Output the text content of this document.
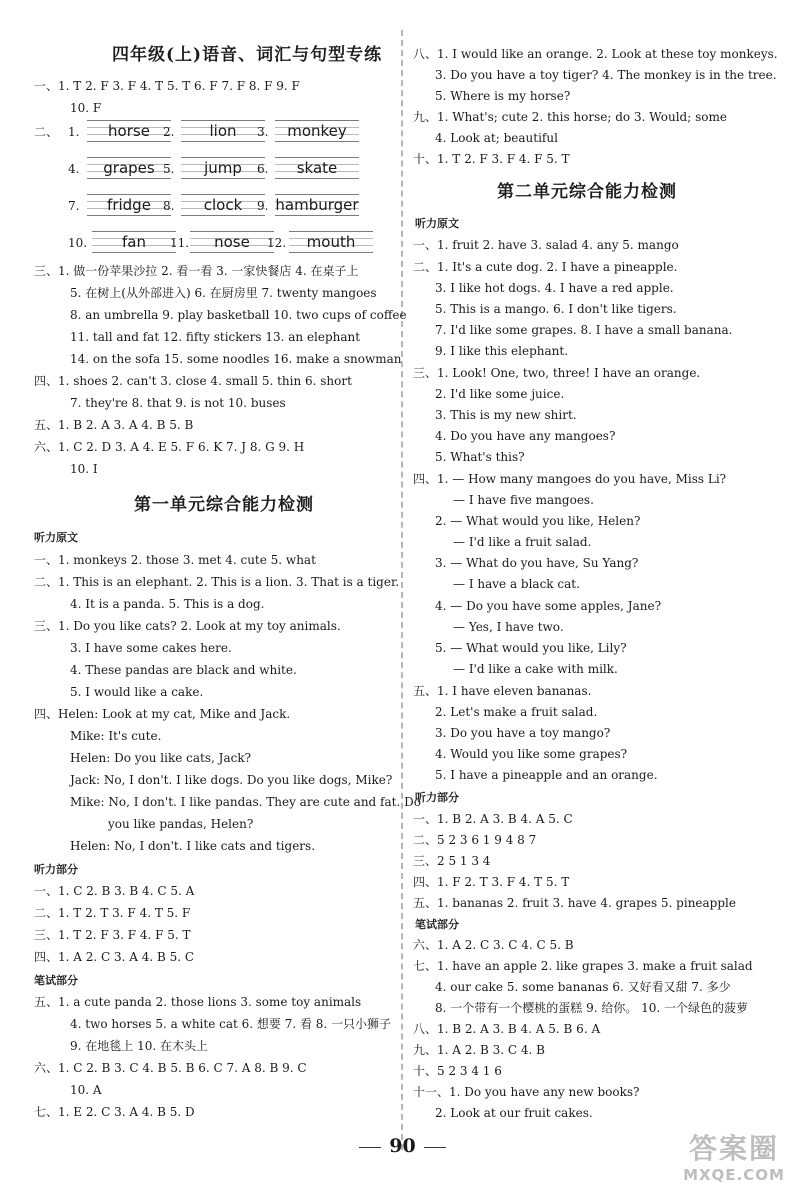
四年级(上)语音、词汇与句型专练
一、1. T 2. F 3. F 4. T 5. T 6. F 7. F 8. F 9. F
10. F
二、 1.	horse	2.	lion	3.	monkey
4.	grapes 5.	jump	6.	skate
7.	fridge	8.	clock	9. hamburger
10.	fan	11.	nose	12.	mouth
三、1. 做一份苹果沙拉 2. 看一看 3. 一家快餐店 4. 在桌子上
5. 在树上(从外部进入) 6. 在厨房里 7. twenty mangoes
8. an umbrella 9. play basketball 10. two cups of coffee
11. tall and fat 12. fifty stickers 13. an elephant
14. on the sofa 15. some noodles 16. make a snowman
四、1. shoes 2. can't 3. close 4. small 5. thin 6. short
7. they're 8. that 9. is not 10. buses
五、1. B 2. A 3. A 4. B 5. B
六、1. C 2. D 3. A 4. E 5. F 6. K 7. J 8. G 9. H
10. I
第一单元综合能力检测
听力原文
一、1. monkeys 2. those 3. met 4. cute 5. what
二、1. This is an elephant. 2. This is a lion. 3. That is a tiger.
4. It is a panda. 5. This is a dog.
三、1. Do you like cats? 2. Look at my toy animals.
3. I have some cakes here.
4. These pandas are black and white.
5. I would like a cake.
四、Helen: Look at my cat, Mike and Jack.
Mike: It's cute.
Helen: Do you like cats, Jack?
Jack: No, I don't. I like dogs. Do you like dogs, Mike?
Mike: No, I don't. I like pandas. They are cute and fat. Do
you like pandas, Helen?
Helen: No, I don't. I like cats and tigers.
听力部分
一、1. C 2. B 3. B 4. C 5. A
二、1. T 2. T 3. F 4. T 5. F
三、1. T 2. F 3. F 4. F 5. T
四、1. A 2. C 3. A 4. B 5. C
笔试部分
五、1. a cute panda 2. those lions 3. some toy animals
4. two horses 5. a white cat 6. 想要 7. 看 8. 一只小狮子
9. 在地毯上 10. 在木头上
六、1. C 2. B 3. C 4. B 5. B 6. C 7. A 8. B 9. C
10. A
七、1. E 2. C 3. A 4. B 5. D
八、1. I would like an orange. 2. Look at these toy monkeys.
3. Do you have a toy tiger? 4. The monkey is in the tree.
5. Where is my horse?
九、1. What's; cute 2. this horse; do 3. Would; some
4. Look at; beautiful
十、1. T 2. F 3. F 4. F 5. T
第二单元综合能力检测
听力原文
一、1. fruit 2. have 3. salad 4. any 5. mango
二、1. It's a cute dog. 2. I have a pineapple.
3. I like hot dogs. 4. I have a red apple.
5. This is a mango. 6. I don't like tigers.
7. I'd like some grapes. 8. I have a small banana.
9. I like this elephant.
三、1. Look! One, two, three! I have an orange.
2. I'd like some juice.
3. This is my new shirt.
4. Do you have any mangoes?
5. What's this?
四、1. — How many mangoes do you have, Miss Li?
— I have five mangoes.
2. — What would you like, Helen?
— I'd like a fruit salad.
3. — What do you have, Su Yang?
— I have a black cat.
4. — Do you have some apples, Jane?
— Yes, I have two.
5. — What would you like, Lily?
— I'd like a cake with milk.
五、1. I have eleven bananas.
2. Let's make a fruit salad.
3. Do you have a toy mango?
4. Would you like some grapes?
5. I have a pineapple and an orange.
听力部分
一、1. B 2. A 3. B 4. A 5. C
二、5 2 3 6 1 9 4 8 7
三、2 5 1 3 4
四、1. F 2. T 3. F 4. T 5. T
五、1. bananas 2. fruit 3. have 4. grapes 5. pineapple
笔试部分
六、1. A 2. C 3. C 4. C 5. B
七、1. have an apple 2. like grapes 3. make a fruit salad
4. our cake 5. some bananas 6. 又好看又甜 7. 多少
8. 一个带有一个樱桃的蛋糕 9. 给你。 10. 一个绿色的菠萝
八、1. B 2. A 3. B 4. A 5. B 6. A
九、1. A 2. B 3. C 4. B
十、5 2 3 4 1 6
十一、1. Do you have any new books?
2. Look at our fruit cakes.
90	答案圈
MXQE.COM
